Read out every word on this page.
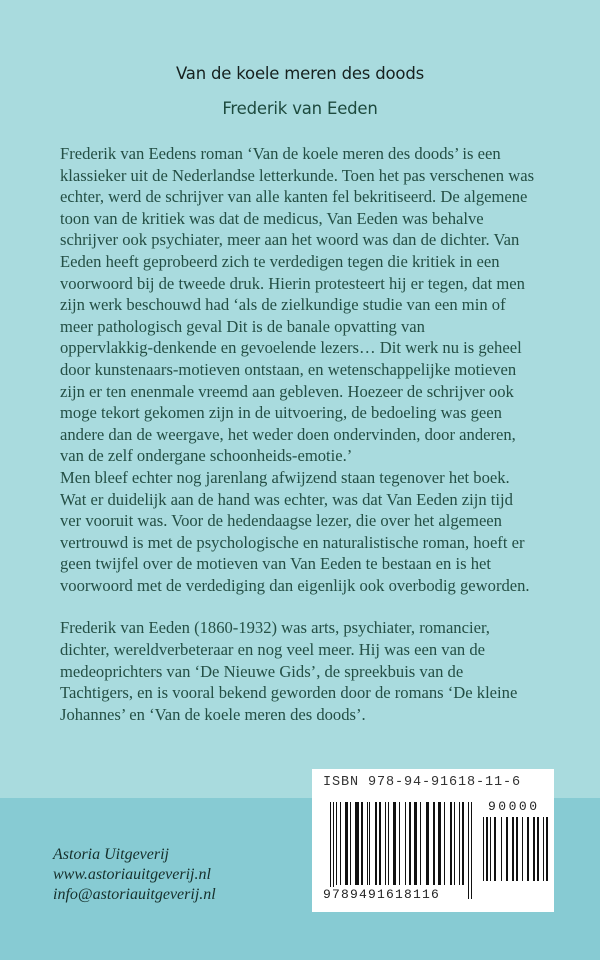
Van de koele meren des doods
Frederik van Eeden
Frederik van Eedens roman ‘Van de koele meren des doods’ is een
klassieker uit de Nederlandse letterkunde. Toen het pas verschenen was
echter, werd de schrijver van alle kanten fel bekritiseerd. De algemene
toon van de kritiek was dat de medicus, Van Eeden was behalve
schrijver ook psychiater, meer aan het woord was dan de dichter. Van
Eeden heeft geprobeerd zich te verdedigen tegen die kritiek in een
voorwoord bij de tweede druk. Hierin protesteert hij er tegen, dat men
zijn werk beschouwd had ‘als de zielkundige studie van een min of
meer pathologisch geval Dit is de banale opvatting van
oppervlakkig-denkende en gevoelende lezers… Dit werk nu is geheel
door kunstenaars-motieven ontstaan, en wetenschappelijke motieven
zijn er ten enenmale vreemd aan gebleven. Hoezeer de schrijver ook
moge tekort gekomen zijn in de uitvoering, de bedoeling was geen
andere dan de weergave, het weder doen ondervinden, door anderen,
van de zelf ondergane schoonheids-emotie.’
Men bleef echter nog jarenlang afwijzend staan tegenover het boek.
Wat er duidelijk aan de hand was echter, was dat Van Eeden zijn tijd
ver vooruit was. Voor de hedendaagse lezer, die over het algemeen
vertrouwd is met de psychologische en naturalistische roman, hoeft er
geen twijfel over de motieven van Van Eeden te bestaan en is het
voorwoord met de verdediging dan eigenlijk ook overbodig geworden.
Frederik van Eeden (1860-1932) was arts, psychiater, romancier,
dichter, wereldverbeteraar en nog veel meer. Hij was een van de
medeoprichters van ‘De Nieuwe Gids’, de spreekbuis van de
Tachtigers, en is vooral bekend geworden door de romans ‘De kleine
Johannes’ en ‘Van de koele meren des doods’.
Astoria Uitgeverij
www.astoriauitgeverij.nl
info@astoriauitgeverij.nl
ISBN 978-94-91618-11-6
90000
9789491618116
